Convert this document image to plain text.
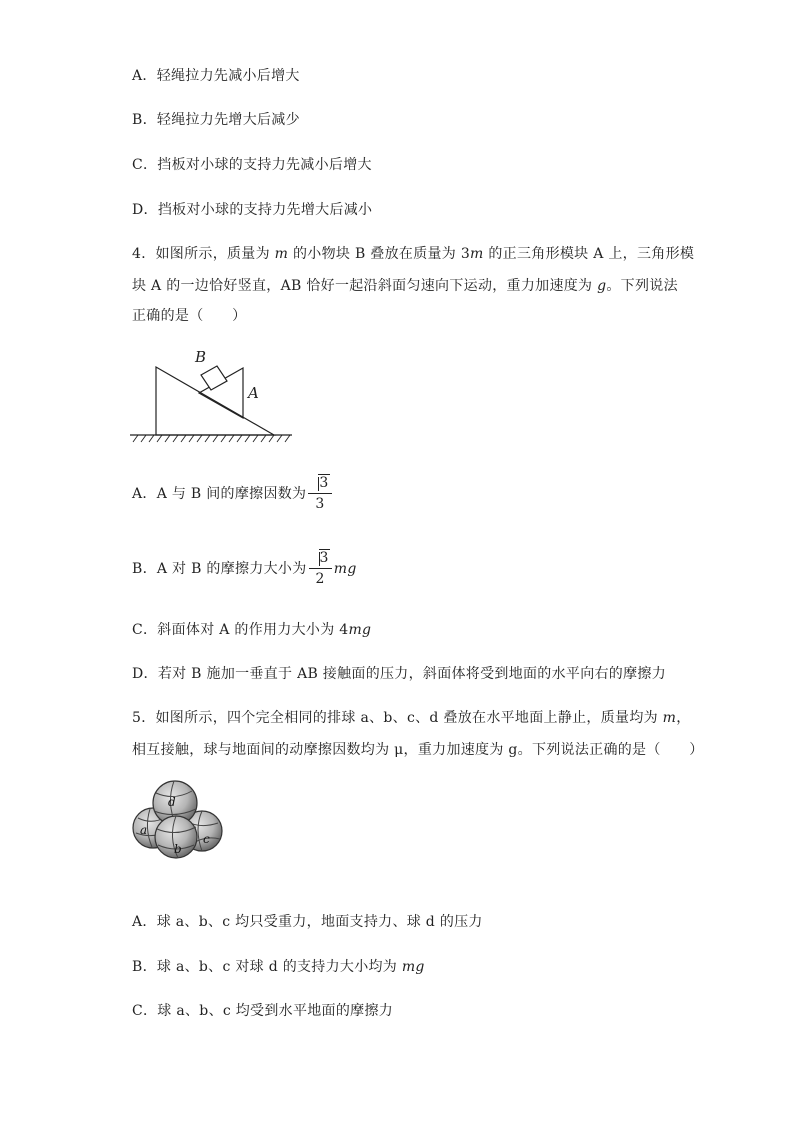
A．轻绳拉力先减小后增大
B．轻绳拉力先增大后减少
C．挡板对小球的支持力先减小后增大
D．挡板对小球的支持力先增大后减小
4．如图所示，质量为 m 的小物块 B 叠放在质量为 3m 的正三角形模块 A 上，三角形模
块 A 的一边恰好竖直，AB 恰好一起沿斜面匀速向下运动，重力加速度为 g。下列说法
正确的是（　　）
B
A
A．A 与 B 间的摩擦因数为 $\frac{3}{3}$
B．A 对 B 的摩擦力大小为 $\frac{3}{2}$ mg
C．斜面体对 A 的作用力大小为 4mg
D．若对 B 施加一垂直于 AB 接触面的压力，斜面体将受到地面的水平向右的摩擦力
5．如图所示，四个完全相同的排球 a、b、c、d 叠放在水平地面上静止，质量均为 m，
相互接触，球与地面间的动摩擦因数均为 μ，重力加速度为 g。下列说法正确的是（　　）
a
c
d
b
A．球 a、b、c 均只受重力，地面支持力、球 d 的压力
B．球 a、b、c 对球 d 的支持力大小均为 mg
C．球 a、b、c 均受到水平地面的摩擦力
